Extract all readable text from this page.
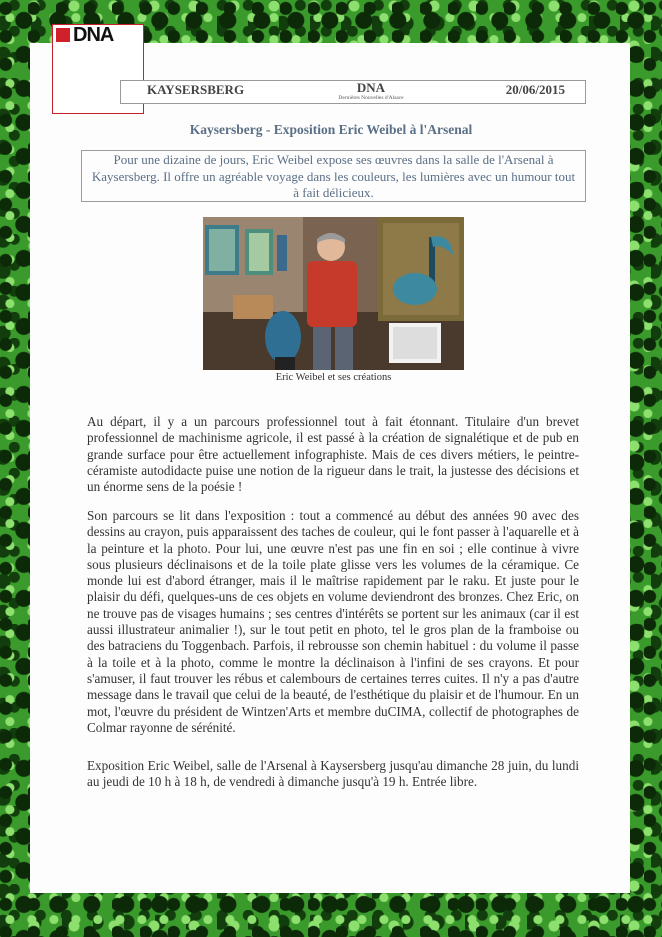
DNA
KAYSERSBERG	DNA
Dernières Nouvelles d'Alsace
20/06/2015
Kaysersberg - Exposition Eric Weibel à l'Arsenal
Pour une dizaine de jours, Eric Weibel expose ses œuvres dans la salle de l'Arsenal à Kaysersberg. Il offre un agréable voyage dans les couleurs, les lumières avec un humour tout à fait délicieux.
Eric Weibel et ses créations

Au départ, il y a un parcours professionnel tout à fait étonnant. Titulaire d'un brevet professionnel de machinisme agricole, il est passé à la création de signalétique et de pub en grande surface pour être actuellement infographiste. Mais de ces divers métiers, le peintre-céramiste autodidacte puise une notion de la rigueur dans le trait, la justesse des décisions et un énorme sens de la poésie !

Son parcours se lit dans l'exposition : tout a commencé au début des années 90 avec des dessins au crayon, puis apparaissent des taches de couleur, qui le font passer à l'aquarelle et à la peinture et la photo. Pour lui, une œuvre n'est pas une fin en soi ; elle continue à vivre sous plusieurs déclinaisons et de la toile plate glisse vers les volumes de la céramique. Ce monde lui est d'abord étranger, mais il le maîtrise rapidement par le raku. Et juste pour le plaisir du défi, quelques-uns de ces objets en volume deviendront des bronzes. Chez Eric, on ne trouve pas de visages humains ; ses centres d'intérêts se portent sur les animaux (car il est aussi illustrateur animalier !), sur le tout petit en photo, tel le gros plan de la framboise ou des batraciens du Toggenbach. Parfois, il rebrousse son chemin habituel : du volume il passe à la toile et à la photo, comme le montre la déclinaison à l'infini de ses crayons. Et pour s'amuser, il faut trouver les rébus et calembours de certaines terres cuites. Il n'y a pas d'autre message dans le travail que celui de la beauté, de l'esthétique du plaisir et de l'humour. En un mot, l'œuvre du président de Wintzen'Arts et membre duCIMA, collectif de photographes de Colmar rayonne de sérénité.

Exposition Eric Weibel, salle de l'Arsenal à Kaysersberg jusqu'au dimanche 28 juin, du lundi au jeudi de 10 h à 18 h, de vendredi à dimanche jusqu'à 19 h. Entrée libre.
